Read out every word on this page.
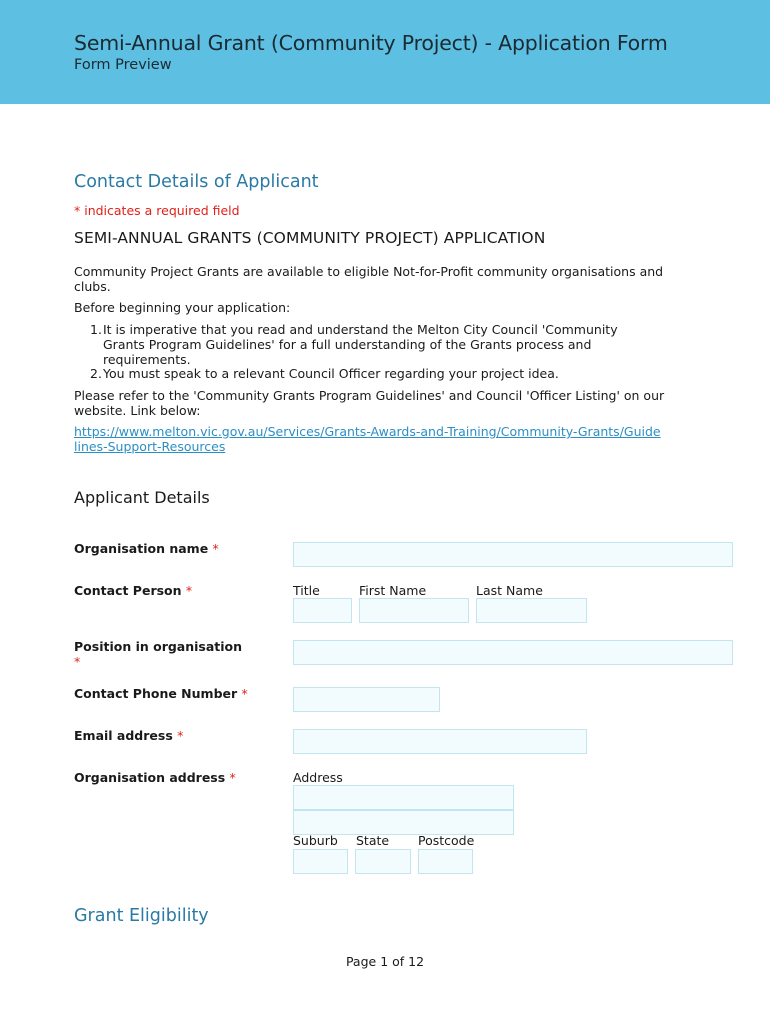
Semi-Annual Grant (Community Project) - Application Form
Form Preview
Contact Details of Applicant
* indicates a required field
SEMI-ANNUAL GRANTS (COMMUNITY PROJECT) APPLICATION
Community Project Grants are available to eligible Not-for-Profit community organisations and clubs.
Before beginning your application:
1. It is imperative that you read and understand the Melton City Council 'Community Grants Program Guidelines' for a full understanding of the Grants process and requirements.
2. You must speak to a relevant Council Officer regarding your project idea.
Please refer to the 'Community Grants Program Guidelines' and Council 'Officer Listing' on our website. Link below:
https://www.melton.vic.gov.au/Services/Grants-Awards-and-Training/Community-Grants/Guidelines-Support-Resources
Applicant Details
Organisation name *
Contact Person *	Title	First Name	Last Name
Position in organisation
*
Contact Phone Number *
Email address *
Organisation address *	Address
Suburb State Postcode
Grant Eligibility
Page 1 of 12
